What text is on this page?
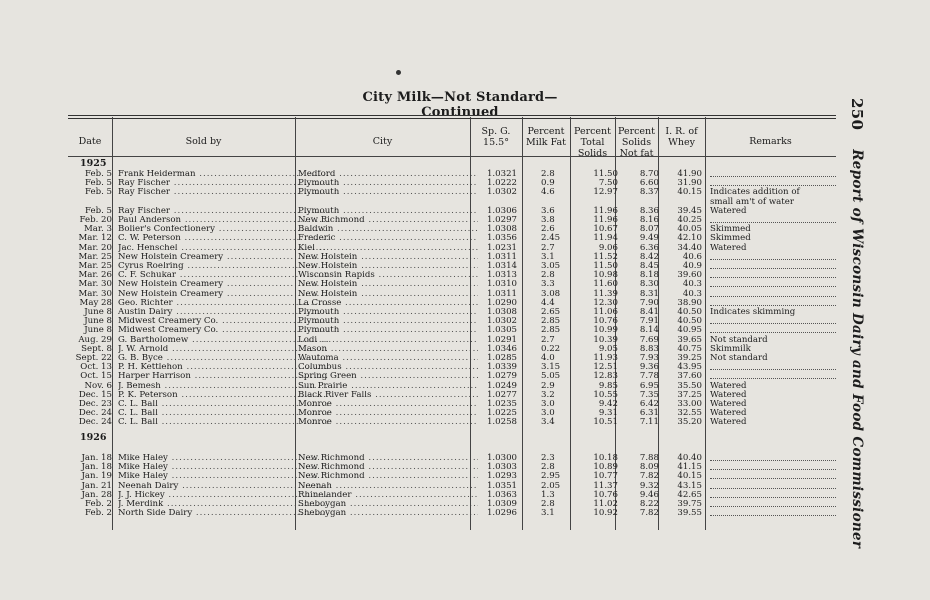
City Milk—Not Standard—Continued	250 Report of Wisconsin Dairy and Food Commissioner
Date	Sold by	City
Sp. G.
15.5°
Percent Milk Fat
Percent Total Solids
Percent Solids Not fat
I. R. of Whey	Remarks
1925
Feb. 5 Frank Heiderman .....	Medford .....	1.0321	2.8	11.50	8.70	41.90
Feb. 5 Ray Fischer .....	Plymouth .....	1.0222	0.9	7.50	6.60	31.90
Feb. 5 Ray Fischer .....	Plymouth .....	1.0302	4.6	12.97	8.37	40.15 Indicates addition of
small am't of water
Feb. 5 Ray Fischer .....	Plymouth .....	1.0306	3.6	11.96	8.36	39.45 Watered
Feb. 20 Paul Anderson .....	New Richmond .....	1.0297	3.8	11.96	8.16	40.25
Mar. 3 Bolier's Confectionery .....	Baldwin .....	1.0308	2.6	10.67	8.07	40.05 Skimmed
Mar. 12 C. W. Peterson .....	Frederic .....	1.0356	2.45	11.94	9.49	42.10 Skimmed
Mar. 20 Jac. Henschel .....	Kiel .....	1.0231	2.7	9.06	6.36	34.40 Watered
Mar. 25 New Holstein Creamery .....	New Holstein .....	1.0311	3.1	11.52	8.42	40.6
Mar. 25 Cyrus Roelring .....	New Holstein .....	1.0314	3.05	11.50	8.45	40.9
Mar. 26 C. F. Schukar .....	Wisconsin Rapids .....	1.0313	2.8	10.98	8.18	39.60
Mar. 30 New Holstein Creamery .....	New Holstein .....	1.0310	3.3	11.60	8.30	40.3
Mar. 30 New Holstein Creamery .....	New Holstein .....	1.0311	3.08	11.39	8.31	40.3
May 28 Geo. Richter .....	La Crosse .....	1.0290	4.4	12.30	7.90	38.90
June 8 Austin Dairy .....	Plymouth .....	1.0308	2.65	11.06	8.41	40.50 Indicates skimming
June 8 Midwest Creamery Co. .....	Plymouth .....	1.0302	2.85	10.76	7.91	40.50
June 8 Midwest Creamery Co. .....	Plymouth .....	1.0305	2.85	10.99	8.14	40.95
Aug. 29 G. Bartholomew .....	Lodi .....	1.0291	2.7	10.39	7.69	39.65 Not standard
Sept. 8 J. W. Arnold .....	Mason .....	1.0346	0.22	9.05	8.83	40.75 Skimmilk
Sept. 22 G. B. Byce .....	Wautoma .....	1.0285	4.0	11.93	7.93	39.25 Not standard
Oct. 13 P. H. Kettlehon .....	Columbus .....	1.0339	3.15	12.51	9.36	43.95
Oct. 15 Harper Harrison .....	Spring Green .....	1.0279	5.05	12.83	7.78	37.60
Nov. 6 J. Bemesh .....	Sun Prairie .....	1.0249	2.9	9.85	6.95	35.50 Watered
Dec. 15 P. K. Peterson .....	Black River Falls .....	1.0277	3.2	10.55	7.35	37.25 Watered
Dec. 23 C. L. Ball .....	Monroe .....	1.0235	3.0	9.42	6.42	33.00 Watered
Dec. 24 C. L. Ball .....	Monroe .....	1.0225	3.0	9.31	6.31	32.55 Watered
Dec. 24 C. L. Ball .....	Monroe .....	1.0258	3.4	10.51	7.11	35.20 Watered
1926
Jan. 18 Mike Haley .....	New Richmond .....	1.0300	2.3	10.18	7.88	40.40
Jan. 18 Mike Haley .....	New Richmond .....	1.0303	2.8	10.89	8.09	41.15
Jan. 19 Mike Haley .....	New Richmond .....	1.0293	2.95	10.77	7.82	40.15
Jan. 21 Neenah Dairy .....	Neenah .....	1.0351	2.05	11.37	9.32	43.15
Jan. 28 J. J. Hickey .....	Rhinelander .....	1.0363	1.3	10.76	9.46	42.65
Feb. 2 J. Merdink .....	Sheboygan .....	1.0309	2.8	11.02	8.22	39.75
Feb. 2 North Side Dairy .....	Sheboygan .....	1.0296	3.1	10.92	7.82	39.55
